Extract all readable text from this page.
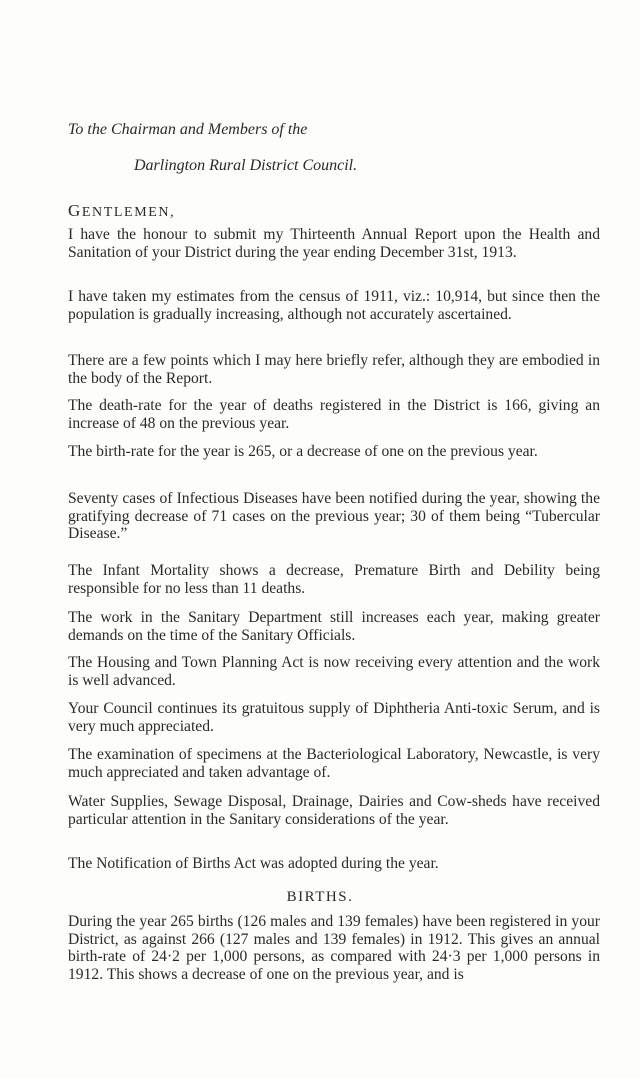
To the Chairman and Members of the
Darlington Rural District Council.
GENTLEMEN,

I have the honour to submit my Thirteenth Annual Report upon the Health and Sanitation of your District during the year ending December 31st, 1913.

I have taken my estimates from the census of 1911, viz.: 10,914, but since then the population is gradually increasing, although not accurately ascertained.

There are a few points which I may here briefly refer, although they are embodied in the body of the Report.

The death-rate for the year of deaths registered in the District is 166, giving an increase of 48 on the previous year.

The birth-rate for the year is 265, or a decrease of one on the previous year.

Seventy cases of Infectious Diseases have been notified during the year, showing the gratifying decrease of 71 cases on the previous year; 30 of them being “Tubercular Disease.”

The Infant Mortality shows a decrease, Premature Birth and Debility being responsible for no less than 11 deaths.

The work in the Sanitary Department still increases each year, making greater demands on the time of the Sanitary Officials.

The Housing and Town Planning Act is now receiving every attention and the work is well advanced.

Your Council continues its gratuitous supply of Diphtheria Anti-toxic Serum, and is very much appreciated.

The examination of specimens at the Bacteriological Laboratory, Newcastle, is very much appreciated and taken advantage of.

Water Supplies, Sewage Disposal, Drainage, Dairies and Cow-sheds have received particular attention in the Sanitary considerations of the year.

The Notification of Births Act was adopted during the year.

BIRTHS.

During the year 265 births (126 males and 139 females) have been registered in your District, as against 266 (127 males and 139 females) in 1912. This gives an annual birth-rate of 24·2 per 1,000 persons, as compared with 24·3 per 1,000 persons in 1912. This shows a decrease of one on the previous year, and is
